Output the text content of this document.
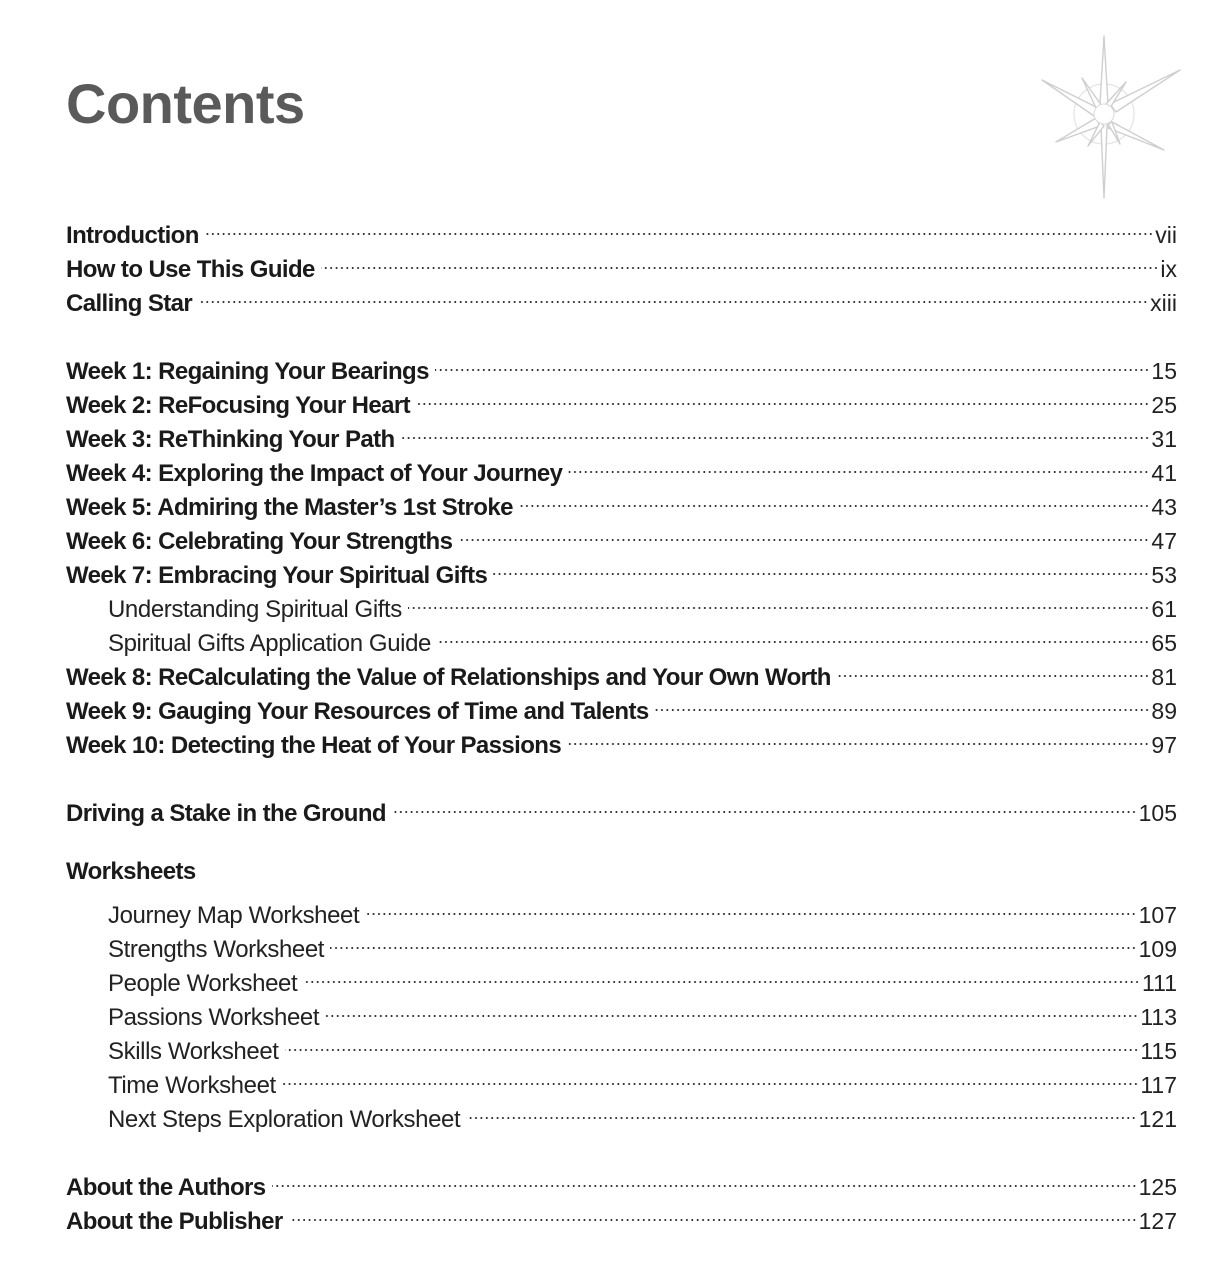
Contents
Introduction	vii
How to Use This Guide	ix
Calling Star	xiii
Week 1: Regaining Your Bearings	15
Week 2: ReFocusing Your Heart	25
Week 3: ReThinking Your Path	31
Week 4: Exploring the Impact of Your Journey	41
Week 5: Admiring the Master’s 1st Stroke	43
Week 6: Celebrating Your Strengths	47
Week 7: Embracing Your Spiritual Gifts	53
Understanding Spiritual Gifts	61
Spiritual Gifts Application Guide	65
Week 8: ReCalculating the Value of Relationships and Your Own Worth	81
Week 9: Gauging Your Resources of Time and Talents	89
Week 10: Detecting the Heat of Your Passions	97
Driving a Stake in the Ground	105
Worksheets
Journey Map Worksheet	107
Strengths Worksheet	109
People Worksheet	111
Passions Worksheet	113
Skills Worksheet	115
Time Worksheet	117
Next Steps Exploration Worksheet	121
About the Authors	125
About the Publisher	127
